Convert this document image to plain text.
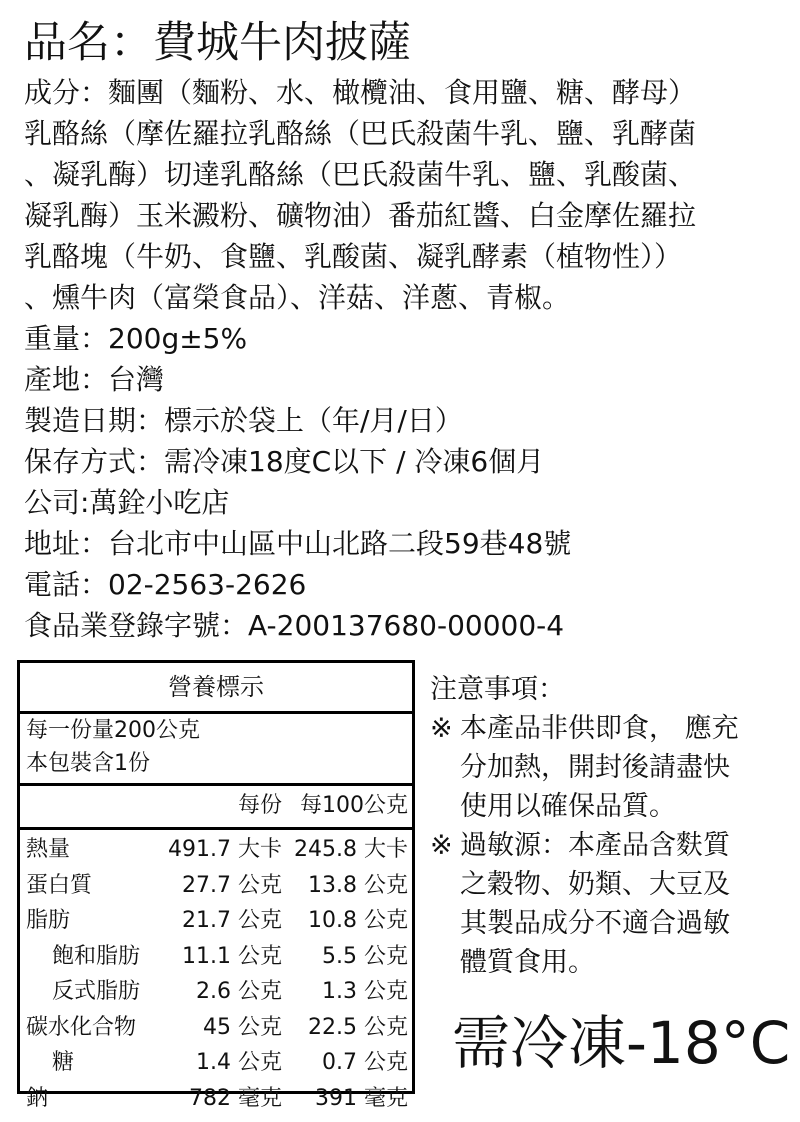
品名：費城牛肉披薩
成分：麵團（麵粉、水、橄欖油、食用鹽、糖、酵母）
乳酪絲（摩佐羅拉乳酪絲（巴氏殺菌牛乳、鹽、乳酵菌
、凝乳酶）切達乳酪絲（巴氏殺菌牛乳、鹽、乳酸菌、
凝乳酶）玉米澱粉、礦物油）番茄紅醬、白金摩佐羅拉
乳酪塊（牛奶、食鹽、乳酸菌、凝乳酵素（植物性））
、燻牛肉（富榮食品）、洋菇、洋蔥、青椒。
重量：200g±5%
產地：台灣
製造日期：標示於袋上（年/月/日）
保存方式：需冷凍18度C以下 / 冷凍6個月
公司:萬銓小吃店
地址：台北市中山區中山北路二段59巷48號
電話：02-2563-2626
食品業登錄字號：A-200137680-00000-4
營養標示
每一份量200公克
本包裝含1份
每份 每100公克
熱量	491.7 大卡 245.8 大卡
蛋白質	27.7 公克 13.8 公克
脂肪	21.7 公克 10.8 公克
飽和脂肪 11.1 公克 5.5 公克
反式脂肪	2.6 公克 1.3 公克
碳水化合物	45 公克 22.5 公克
糖	1.4 公克 0.7 公克
鈉	782 毫克 391 毫克
注意事項：
※ 本產品非供即食， 應充
分加熱，開封後請盡快
使用以確保品質。
※ 過敏源：本產品含麩質
之穀物、奶類、大豆及
其製品成分不適合過敏
體質食用。
需冷凍-18°C
